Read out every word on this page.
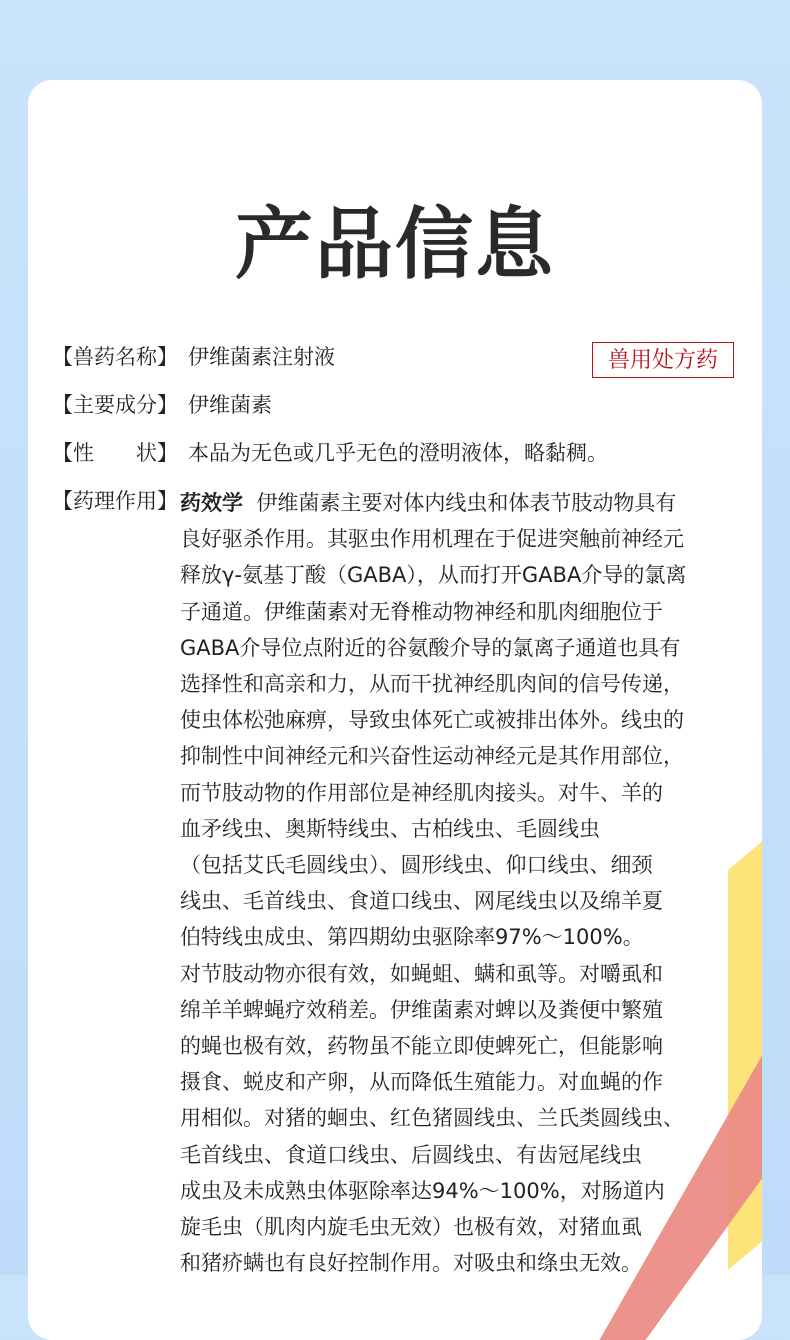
产品信息
兽用处方药
【兽药名称】 伊维菌素注射液
【主要成分】 伊维菌素
【性　　状】 本品为无色或几乎无色的澄明液体，略黏稠。
【药理作用】 药效学 伊维菌素主要对体内线虫和体表节肢动物具有
良好驱杀作用。其驱虫作用机理在于促进突触前神经元
释放γ-氨基丁酸（GABA），从而打开GABA介导的氯离
子通道。伊维菌素对无脊椎动物神经和肌肉细胞位于
GABA介导位点附近的谷氨酸介导的氯离子通道也具有
选择性和高亲和力，从而干扰神经肌肉间的信号传递，
使虫体松弛麻痹，导致虫体死亡或被排出体外。线虫的
抑制性中间神经元和兴奋性运动神经元是其作用部位，
而节肢动物的作用部位是神经肌肉接头。对牛、羊的
血矛线虫、奥斯特线虫、古柏线虫、毛圆线虫
（包括艾氏毛圆线虫）、圆形线虫、仰口线虫、细颈
线虫、毛首线虫、食道口线虫、网尾线虫以及绵羊夏
伯特线虫成虫、第四期幼虫驱除率97%～100%。
对节肢动物亦很有效，如蝇蛆、螨和虱等。对嚼虱和
绵羊羊蜱蝇疗效稍差。伊维菌素对蜱以及粪便中繁殖
的蝇也极有效，药物虽不能立即使蜱死亡，但能影响
摄食、蜕皮和产卵，从而降低生殖能力。对血蝇的作
用相似。对猪的蛔虫、红色猪圆线虫、兰氏类圆线虫、
毛首线虫、食道口线虫、后圆线虫、有齿冠尾线虫
成虫及未成熟虫体驱除率达94%～100%，对肠道内
旋毛虫（肌肉内旋毛虫无效）也极有效，对猪血虱
和猪疥螨也有良好控制作用。对吸虫和绦虫无效。
